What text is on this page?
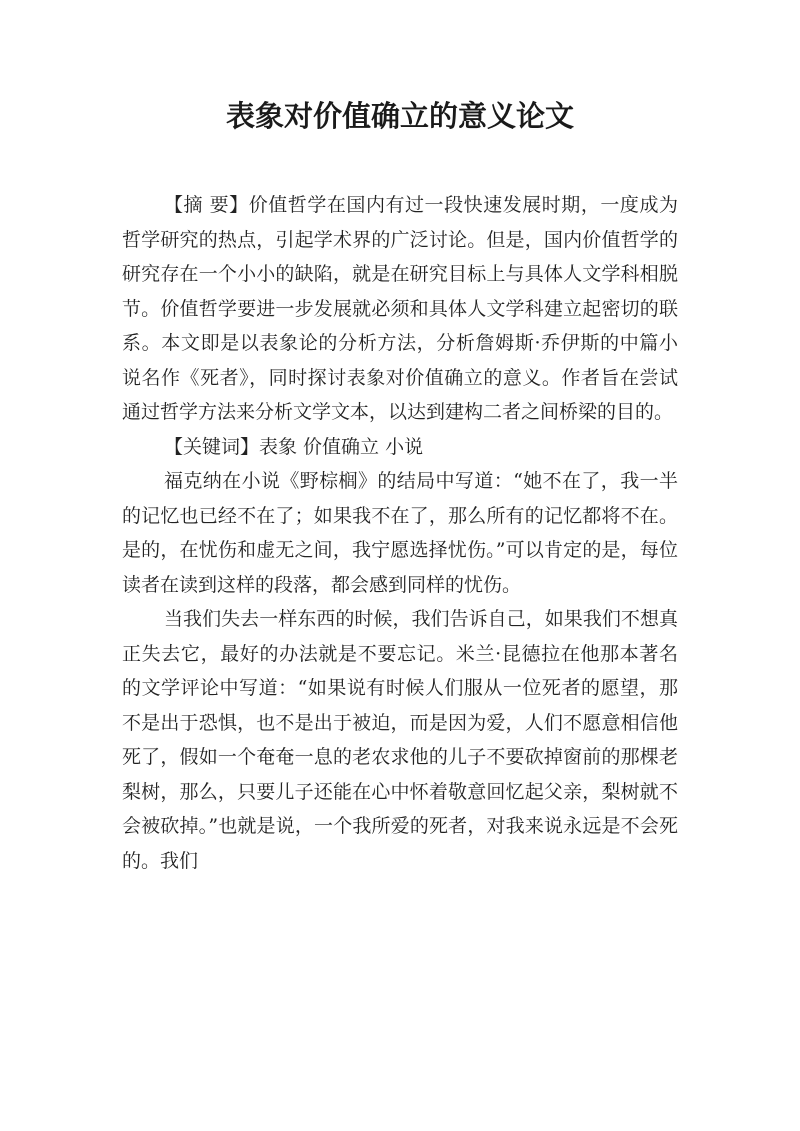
表象对价值确立的意义论文

【摘 要】价值哲学在国内有过一段快速发展时期，一度成为哲学研究的热点，引起学术界的广泛讨论。但是，国内价值哲学的研究存在一个小小的缺陷，就是在研究目标上与具体人文学科相脱节。价值哲学要进一步发展就必须和具体人文学科建立起密切的联系。本文即是以表象论的分析方法，分析詹姆斯·乔伊斯的中篇小说名作《死者》，同时探讨表象对价值确立的意义。作者旨在尝试通过哲学方法来分析文学文本，以达到建构二者之间桥梁的目的。

【关键词】表象 价值确立 小说

福克纳在小说《野棕榈》的结局中写道：“她不在了，我一半的记忆也已经不在了；如果我不在了，那么所有的记忆都将不在。是的，在忧伤和虚无之间，我宁愿选择忧伤。”可以肯定的是，每位读者在读到这样的段落，都会感到同样的忧伤。

当我们失去一样东西的时候，我们告诉自己，如果我们不想真正失去它，最好的办法就是不要忘记。米兰·昆德拉在他那本著名的文学评论中写道：“如果说有时候人们服从一位死者的愿望，那不是出于恐惧，也不是出于被迫，而是因为爱，人们不愿意相信他死了，假如一个奄奄一息的老农求他的儿子不要砍掉窗前的那棵老梨树，那么，只要儿子还能在心中怀着敬意回忆起父亲，梨树就不会被砍掉。”也就是说，一个我所爱的死者，对我来说永远是不会死的。我们
